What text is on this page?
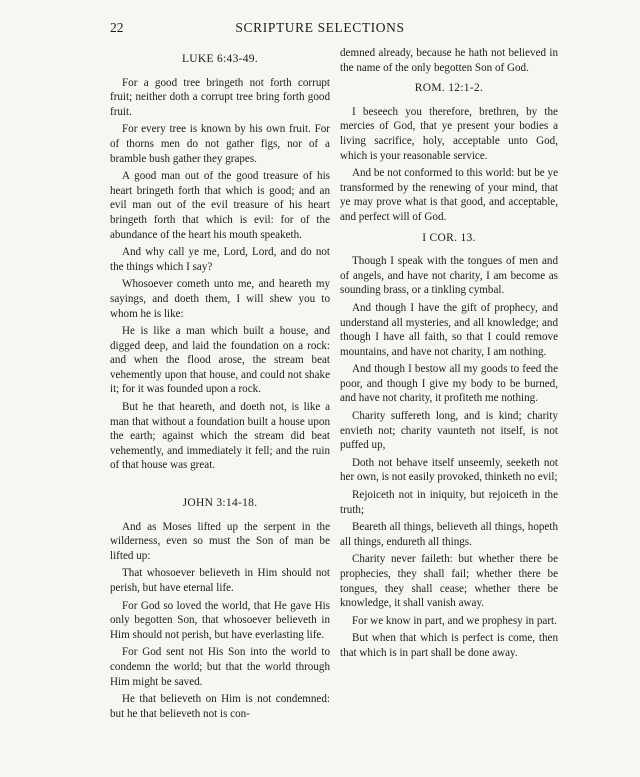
22	SCRIPTURE SELECTIONS
LUKE 6:43-49.

For a good tree bringeth not forth corrupt fruit; neither doth a corrupt tree bring forth good fruit.

For every tree is known by his own fruit. For of thorns men do not gather figs, nor of a bramble bush gather they grapes.

A good man out of the good treasure of his heart bringeth forth that which is good; and an evil man out of the evil treasure of his heart bringeth forth that which is evil: for of the abundance of the heart his mouth speaketh.

And why call ye me, Lord, Lord, and do not the things which I say?

Whosoever cometh unto me, and heareth my sayings, and doeth them, I will shew you to whom he is like:

He is like a man which built a house, and digged deep, and laid the foundation on a rock: and when the flood arose, the stream beat vehemently upon that house, and could not shake it; for it was founded upon a rock.

But he that heareth, and doeth not, is like a man that without a foundation built a house upon the earth; against which the stream did beat vehemently, and immediately it fell; and the ruin of that house was great.

JOHN 3:14-18.

And as Moses lifted up the serpent in the wilderness, even so must the Son of man be lifted up:

That whosoever believeth in Him should not perish, but have eternal life.

For God so loved the world, that He gave His only begotten Son, that whosoever believeth in Him should not perish, but have everlasting life.

For God sent not His Son into the world to condemn the world; but that the world through Him might be saved.

He that believeth on Him is not condemned: but he that believeth not is con-

demned already, because he hath not believed in the name of the only begotten Son of God.

ROM. 12:1-2.

I beseech you therefore, brethren, by the mercies of God, that ye present your bodies a living sacrifice, holy, acceptable unto God, which is your reasonable service.

And be not conformed to this world: but be ye transformed by the renewing of your mind, that ye may prove what is that good, and acceptable, and perfect will of God.

I COR. 13.

Though I speak with the tongues of men and of angels, and have not charity, I am become as sounding brass, or a tinkling cymbal.

And though I have the gift of prophecy, and understand all mysteries, and all knowledge; and though I have all faith, so that I could remove mountains, and have not charity, I am nothing.

And though I bestow all my goods to feed the poor, and though I give my body to be burned, and have not charity, it profiteth me nothing.

Charity suffereth long, and is kind; charity envieth not; charity vaunteth not itself, is not puffed up,

Doth not behave itself unseemly, seeketh not her own, is not easily provoked, thinketh no evil;

Rejoiceth not in iniquity, but rejoiceth in the truth;

Beareth all things, believeth all things, hopeth all things, endureth all things.

Charity never faileth: but whether there be prophecies, they shall fail; whether there be tongues, they shall cease; whether there be knowledge, it shall vanish away.

For we know in part, and we prophesy in part.

But when that which is perfect is come, then that which is in part shall be done away.
